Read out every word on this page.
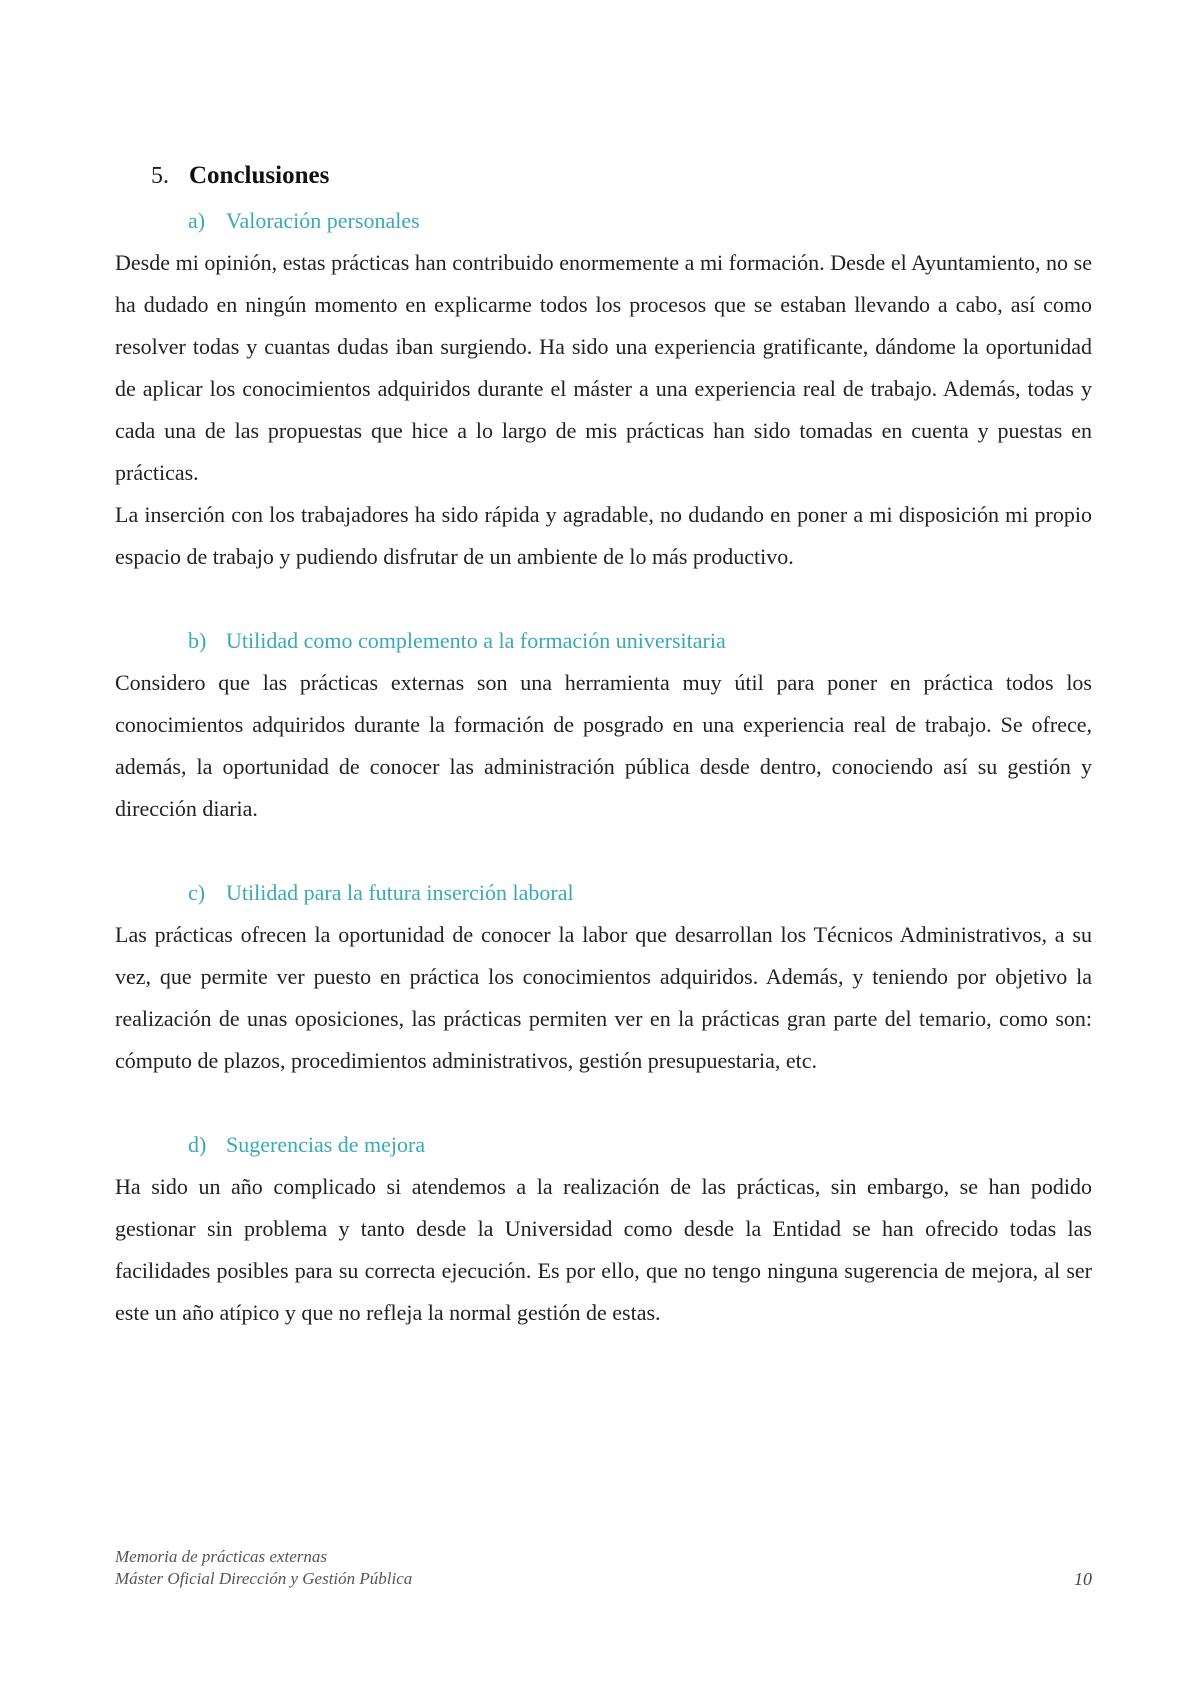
5. Conclusiones
a) Valoración personales

Desde mi opinión, estas prácticas han contribuido enormemente a mi formación. Desde el Ayuntamiento, no se ha dudado en ningún momento en explicarme todos los procesos que se estaban llevando a cabo, así como resolver todas y cuantas dudas iban surgiendo. Ha sido una experiencia gratificante, dándome la oportunidad de aplicar los conocimientos adquiridos durante el máster a una experiencia real de trabajo. Además, todas y cada una de las propuestas que hice a lo largo de mis prácticas han sido tomadas en cuenta y puestas en prácticas.

La inserción con los trabajadores ha sido rápida y agradable, no dudando en poner a mi disposición mi propio espacio de trabajo y pudiendo disfrutar de un ambiente de lo más productivo.

b) Utilidad como complemento a la formación universitaria

Considero que las prácticas externas son una herramienta muy útil para poner en práctica todos los conocimientos adquiridos durante la formación de posgrado en una experiencia real de trabajo. Se ofrece, además, la oportunidad de conocer las administración pública desde dentro, conociendo así su gestión y dirección diaria.

c) Utilidad para la futura inserción laboral

Las prácticas ofrecen la oportunidad de conocer la labor que desarrollan los Técnicos Administrativos, a su vez, que permite ver puesto en práctica los conocimientos adquiridos. Además, y teniendo por objetivo la realización de unas oposiciones, las prácticas permiten ver en la prácticas gran parte del temario, como son: cómputo de plazos, procedimientos administrativos, gestión presupuestaria, etc.

d) Sugerencias de mejora

Ha sido un año complicado si atendemos a la realización de las prácticas, sin embargo, se han podido gestionar sin problema y tanto desde la Universidad como desde la Entidad se han ofrecido todas las facilidades posibles para su correcta ejecución. Es por ello, que no tengo ninguna sugerencia de mejora, al ser este un año atípico y que no refleja la normal gestión de estas.

Memoria de prácticas externas
Máster Oficial Dirección y Gestión Pública	10
